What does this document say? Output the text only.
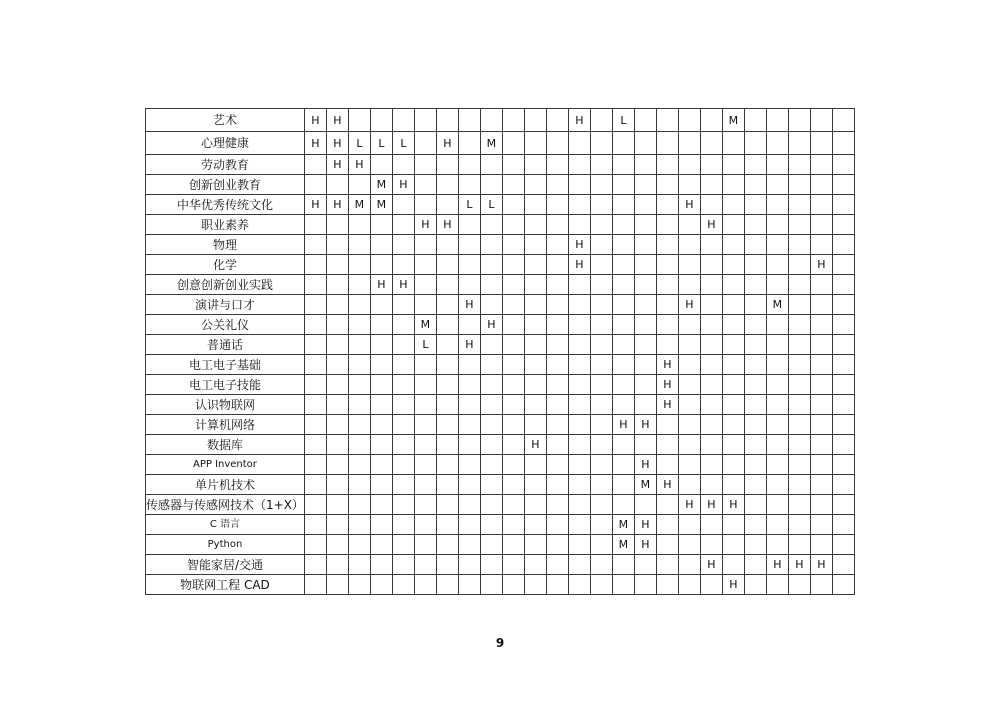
艺术	H	H											H		L					M					
心理健康	H	H	L	L	L		H		M																
劳动教育		H	H																						
创新创业教育				M	H																				
中华优秀传统文化	H	H	M	M				L	L									H							
职业素养						H	H												H						
物理													H												
化学													H											H	
创意创新创业实践				H	H																				
演讲与口才								H										H				M			
公关礼仪						M			H																
普通话						L		H																	
电工电子基础																	H								
电工电子技能																	H								
认识物联网																	H								
计算机网络															H	H									
数据库											H														
APP Inventor																H									
单片机技术																M	H								
传感器与传感网技术（1+X）																		H	H	H					
C 语言															M	H									
Python															M	H									
智能家居/交通																			H			H	H	H	
物联网工程 CAD																				H					
9
